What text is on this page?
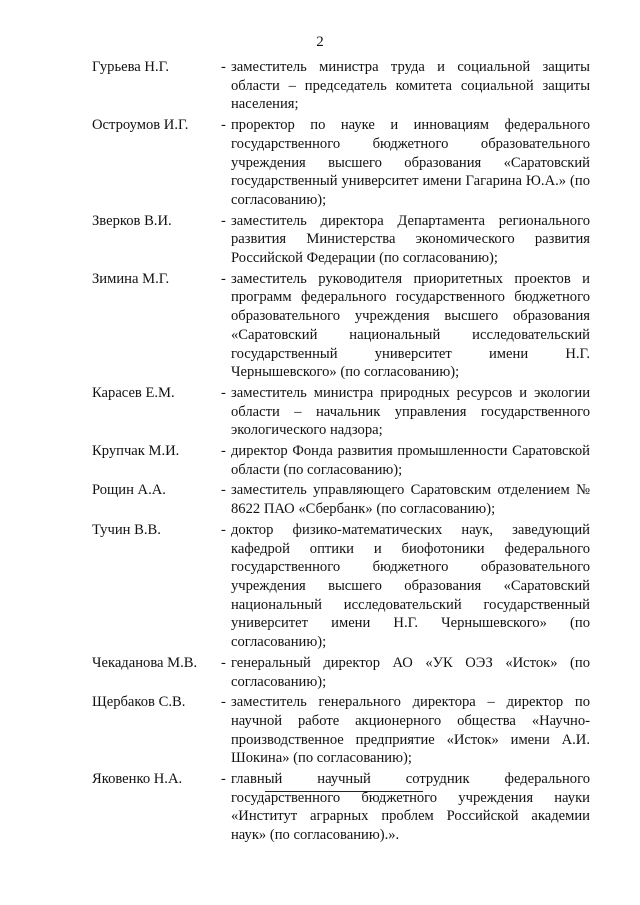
2
Гурьева Н.Г.	- заместитель министра труда и социальной защиты области – председатель комитета социальной защиты населения;
Остроумов И.Г. - проректор по науке и инновациям федерального государственного бюджетного образовательного учреждения высшего образования «Саратовский государственный университет имени Гагарина Ю.А.» (по согласованию);
Зверков В.И.	- заместитель директора Департамента регионального развития Министерства экономического развития Российской Федерации (по согласованию);
Зимина М.Г.	- заместитель руководителя приоритетных проектов и программ федерального государственного бюджетного образовательного учреждения высшего образования «Саратовский национальный исследовательский государственный университет имени Н.Г. Чернышевского» (по согласованию);
Карасев Е.М.	- заместитель министра природных ресурсов и экологии области – начальник управления государственного экологического надзора;
Крупчак М.И.	- директор Фонда развития промышленности Саратовской области (по согласованию);
Рощин А.А.	- заместитель управляющего Саратовским отделением № 8622 ПАО «Сбербанк» (по согласованию);
Тучин В.В.	- доктор физико-математических наук, заведующий кафедрой оптики и биофотоники федерального государственного бюджетного образовательного учреждения высшего образования «Саратовский национальный исследовательский государственный университет имени Н.Г. Чернышевского» (по согласованию);
Чекаданова М.В. - генеральный директор АО «УК ОЭЗ «Исток» (по согласованию);
Щербаков С.В. - заместитель генерального директора – директор по научной работе акционерного общества «Научно-производственное предприятие «Исток» имени А.И. Шокина» (по согласованию);
Яковенко Н.А.	- главный научный сотрудник федерального государственного бюджетного учреждения науки «Институт аграрных проблем Российской академии наук» (по согласованию).».
